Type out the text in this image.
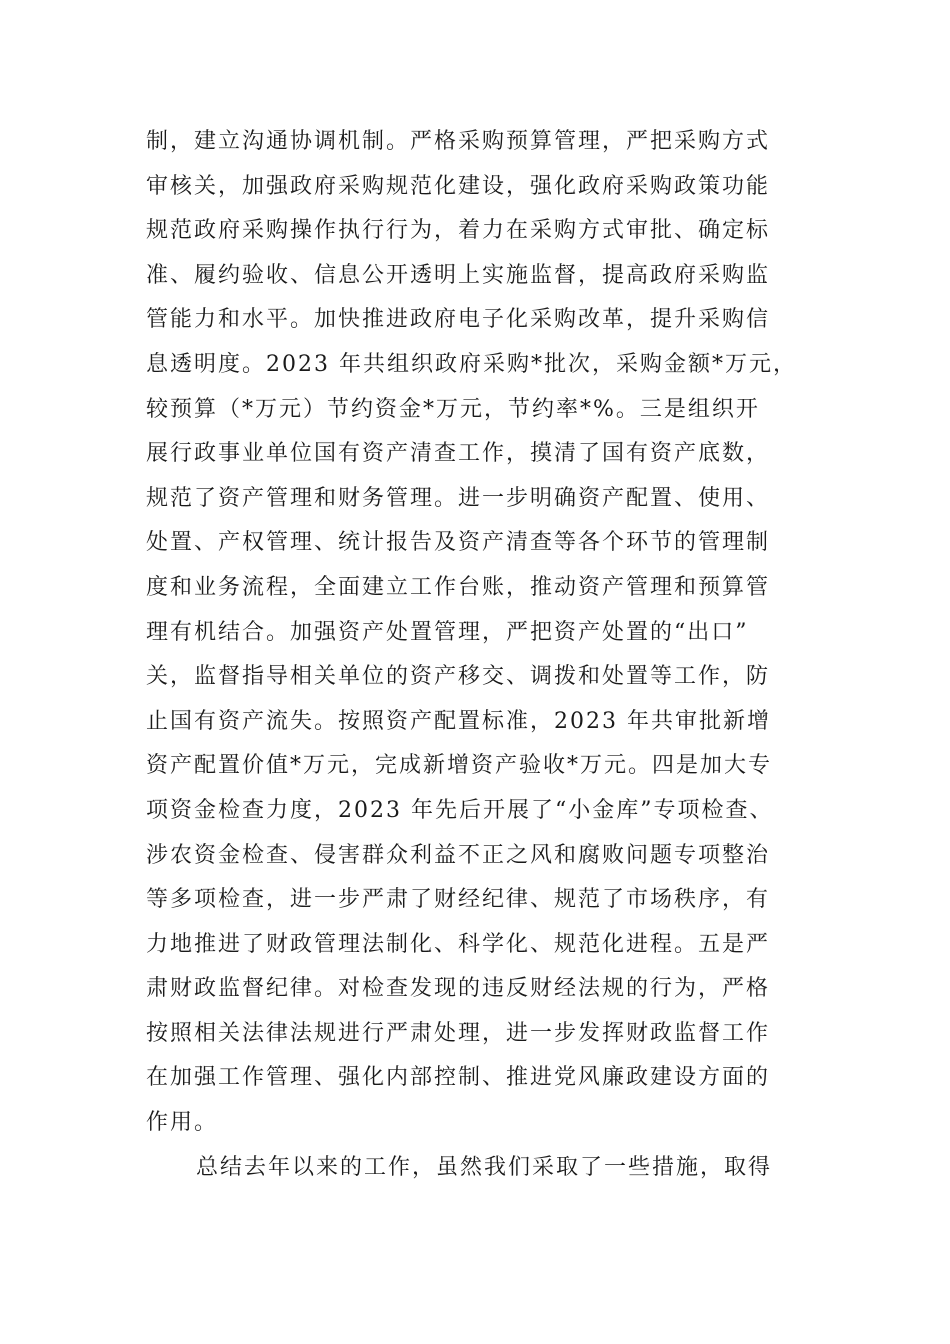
制，建立沟通协调机制。严格采购预算管理，严把采购方式
审核关，加强政府采购规范化建设，强化政府采购政策功能
规范政府采购操作执行行为，着力在采购方式审批、确定标
准、履约验收、信息公开透明上实施监督，提高政府采购监
管能力和水平。加快推进政府电子化采购改革，提升采购信
息透明度。2023 年共组织政府采购*批次，采购金额*万元，
较预算（*万元）节约资金*万元，节约率*%。三是组织开
展行政事业单位国有资产清查工作，摸清了国有资产底数，
规范了资产管理和财务管理。进一步明确资产配置、使用、
处置、产权管理、统计报告及资产清查等各个环节的管理制
度和业务流程，全面建立工作台账，推动资产管理和预算管
理有机结合。加强资产处置管理，严把资产处置的“出口”
关，监督指导相关单位的资产移交、调拨和处置等工作，防
止国有资产流失。按照资产配置标准，2023 年共审批新增
资产配置价值*万元，完成新增资产验收*万元。四是加大专
项资金检查力度，2023 年先后开展了“小金库”专项检查、
涉农资金检查、侵害群众利益不正之风和腐败问题专项整治
等多项检查，进一步严肃了财经纪律、规范了市场秩序，有
力地推进了财政管理法制化、科学化、规范化进程。五是严
肃财政监督纪律。对检查发现的违反财经法规的行为，严格
按照相关法律法规进行严肃处理，进一步发挥财政监督工作
在加强工作管理、强化内部控制、推进党风廉政建设方面的
作用。
总结去年以来的工作，虽然我们采取了一些措施，取得
